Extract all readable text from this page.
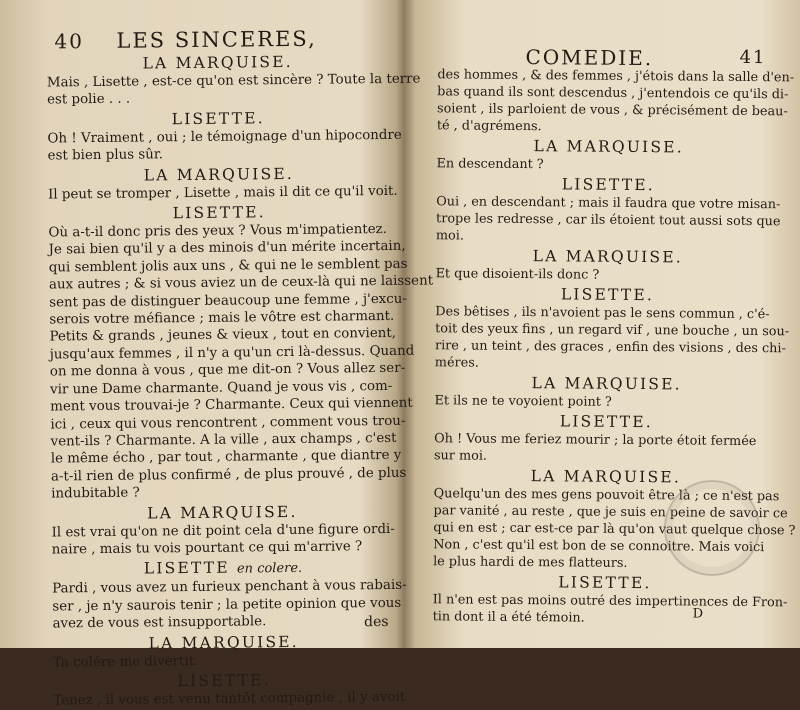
40 LES SINCERES,
LA MARQUISE.
Mais , Lisette , est-ce qu'on est sincère ? Toute la terre
est polie . . .
LISETTE.
Oh ! Vraiment , oui ; le témoignage d'un hipocondre
est bien plus sûr.
LA MARQUISE.
Il peut se tromper , Lisette , mais il dit ce qu'il voit.
LISETTE.
Où a-t-il donc pris des yeux ? Vous m'impatientez.
Je sai bien qu'il y a des minois d'un mérite incertain,
qui semblent jolis aux uns , & qui ne le semblent pas
aux autres ; & si vous aviez un de ceux-là qui ne laissent
sent pas de distinguer beaucoup une femme , j'excu-
serois votre méfiance ; mais le vôtre est charmant.
Petits & grands , jeunes & vieux , tout en convient,
jusqu'aux femmes , il n'y a qu'un cri là-dessus. Quand
on me donna à vous , que me dit-on ? Vous allez ser-
vir une Dame charmante. Quand je vous vis , com-
ment vous trouvai-je ? Charmante. Ceux qui viennent
ici , ceux qui vous rencontrent , comment vous trou-
vent-ils ? Charmante. A la ville , aux champs , c'est
le même écho , par tout , charmante , que diantre y
a-t-il rien de plus confirmé , de plus prouvé , de plus
indubitable ?
LA MARQUISE.
Il est vrai qu'on ne dit point cela d'une figure ordi-
naire , mais tu vois pourtant ce qui m'arrive ?
LISETTE en colere.
Pardi , vous avez un furieux penchant à vous rabais-
ser , je n'y saurois tenir ; la petite opinion que vous
avez de vous est insupportable.
LA MARQUISE.
Ta colére me divertit.
LISETTE.
Tenez , il vous est venu tantôt compagnie , il y avoit
des
COMEDIE.	41
des hommes , & des femmes , j'étois dans la salle d'en-
bas quand ils sont descendus , j'entendois ce qu'ils di-
soient , ils parloient de vous , & précisément de beau-
té , d'agrémens.
LA MARQUISE.
En descendant ?
LISETTE.
Oui , en descendant ; mais il faudra que votre misan-
trope les redresse , car ils étoient tout aussi sots que
moi.
LA MARQUISE.
Et que disoient-ils donc ?
LISETTE.
Des bêtises , ils n'avoient pas le sens commun , c'é-
toit des yeux fins , un regard vif , une bouche , un sou-
rire , un teint , des graces , enfin des visions , des chi-
méres.
LA MARQUISE.
Et ils ne te voyoient point ?
LISETTE.
Oh ! Vous me feriez mourir ; la porte étoit fermée
sur moi.
LA MARQUISE.
Quelqu'un des mes gens pouvoit être là ; ce n'est pas
par vanité , au reste , que je suis en peine de savoir ce
qui en est ; car est-ce par là qu'on vaut quelque chose ?
Non , c'est qu'il est bon de se connoitre. Mais voici
le plus hardi de mes flatteurs.
LISETTE.
Il n'en est pas moins outré des impertinences de Fron-
tin dont il a été témoin.	D
